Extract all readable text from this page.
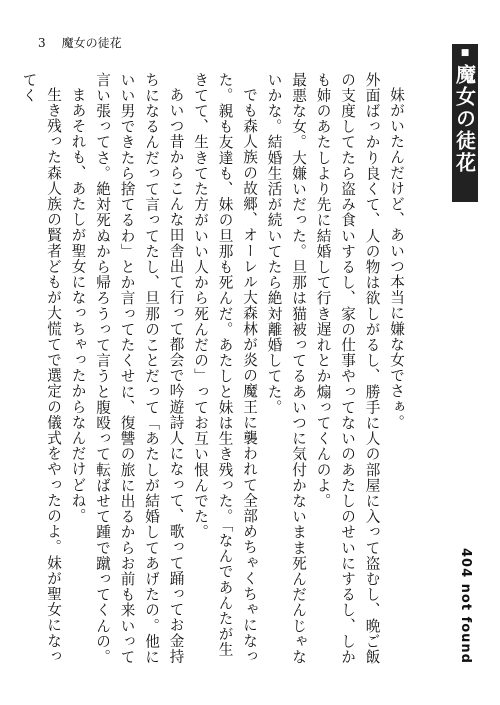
3 魔女の徒花
■
魔女の徒花
404 not found

妹がいたんだけど、あいつ本当に嫌な女でさぁ。

外面ばっかり良くて、人の物は欲しがるし、勝手に人の部屋に入って盗むし、晩ご飯の支度してたら盗み食いするし、家の仕事やってないのあたしのせいにするし、しかも姉のあたしより先に結婚して行き遅れとか煽ってくんのよ。

最悪な女。大嫌いだった。旦那は猫被ってるあいつに気付かないまま死んだんじゃないかな。結婚生活が続いてたら絶対離婚してた。

でも森人族の故郷、オーレル大森林が炎の魔王に襲われて全部めちゃくちゃになった。親も友達も、妹の旦那も死んだ。あたしと妹は生き残った。「なんであんたが生きてて、生きてた方がいい人から死んだの」ってお互い恨んでた。

あいつ昔からこんな田舎出て行って都会で吟遊詩人になって、歌って踊ってお金持ちになるんだって言ってたし、旦那のことだって「あたしが結婚してあげたの。他にいい男できたら捨てるわ」とか言ってたくせに、復讐の旅に出るからお前も来いって言い張ってさ。絶対死ぬから帰ろうって言うと腹殴って転ばせて踵で蹴ってくんの。

まあそれも、あたしが聖女になっちゃったからなんだけどね。

生き残った森人族の賢者どもが大慌てで選定の儀式をやったのよ。妹が聖女になってく
